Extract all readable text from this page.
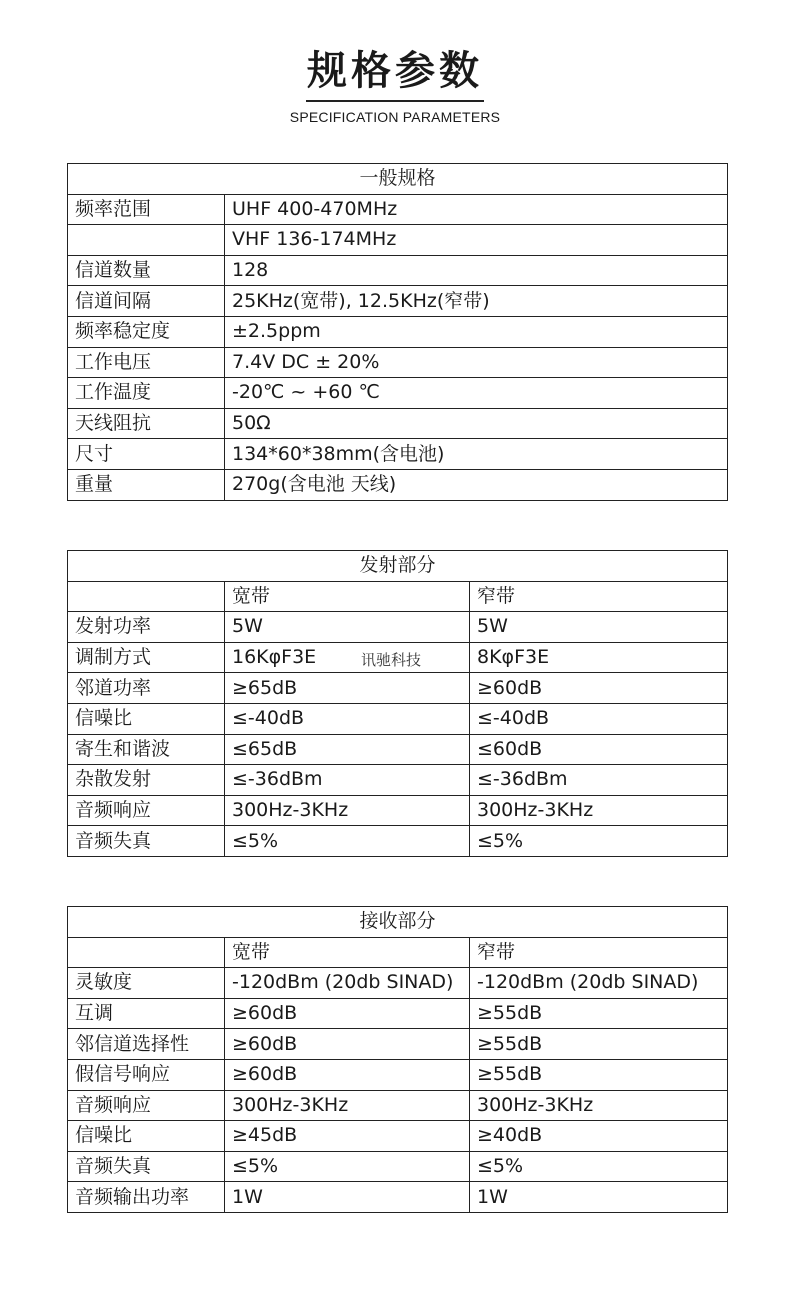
规格参数
SPECIFICATION PARAMETERS
一般规格	
频率范围	UHF 400-470MHz
	VHF 136-174MHz
信道数量	128
信道间隔	25KHz(宽带), 12.5KHz(窄带)
频率稳定度	±2.5ppm
工作电压	7.4V DC ± 20%
工作温度	-20℃ ~ +60 ℃
天线阻抗	50Ω
尺寸	134*60*38mm(含电池)
重量	270g(含电池 天线)
发射部分		
	宽带	窄带
发射功率	5W	5W
调制方式	16KφF3E	8KφF3E
邻道功率	≥65dB	≥60dB
信噪比	≤-40dB	≤-40dB
寄生和谐波	≤65dB	≤60dB
杂散发射	≤-36dBm	≤-36dBm
音频响应	300Hz-3KHz	300Hz-3KHz
音频失真	≤5%	≤5%
讯驰科技
接收部分		
	宽带	窄带
灵敏度	-120dBm (20db SINAD)	-120dBm (20db SINAD)
互调	≥60dB	≥55dB
邻信道选择性	≥60dB	≥55dB
假信号响应	≥60dB	≥55dB
音频响应	300Hz-3KHz	300Hz-3KHz
信噪比	≥45dB	≥40dB
音频失真	≤5%	≤5%
音频输出功率	1W	1W
